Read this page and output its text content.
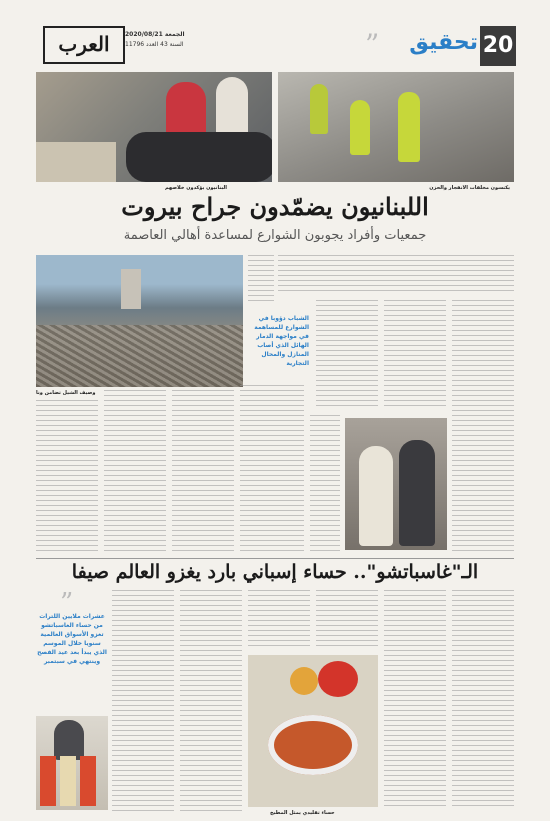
20
تحقيق
”
العرب	الجمعة 2020/08/21
السنة 43 العدد 11796
البنانيون يؤكدون خلاصهم	يكنسون مخلفات الانفجار والحزن
اللبنانيون يضمّدون جراح بيروت
جمعيات وأفراد يجوبون الشوارع لمساعدة أهالي العاصمة
الشباب دؤوبا في الشوارع للمساهمة في مواجهة الدمار الهائل الذي أصاب المنازل والمحال التجارية
وصيف الشيل تضامن ونا
الـ"غاسباتشو".. حساء إسباني بارد يغزو العالم صيفا
حساء تقليدي يمثل المطبخ
”
عشرات ملايين اللترات من حساء الغاسباتشو تغزو الأسواق العالمية سنويا خلال الموسم الذي يبدأ بعد عيد الفصح وينتهي في سبتمبر
